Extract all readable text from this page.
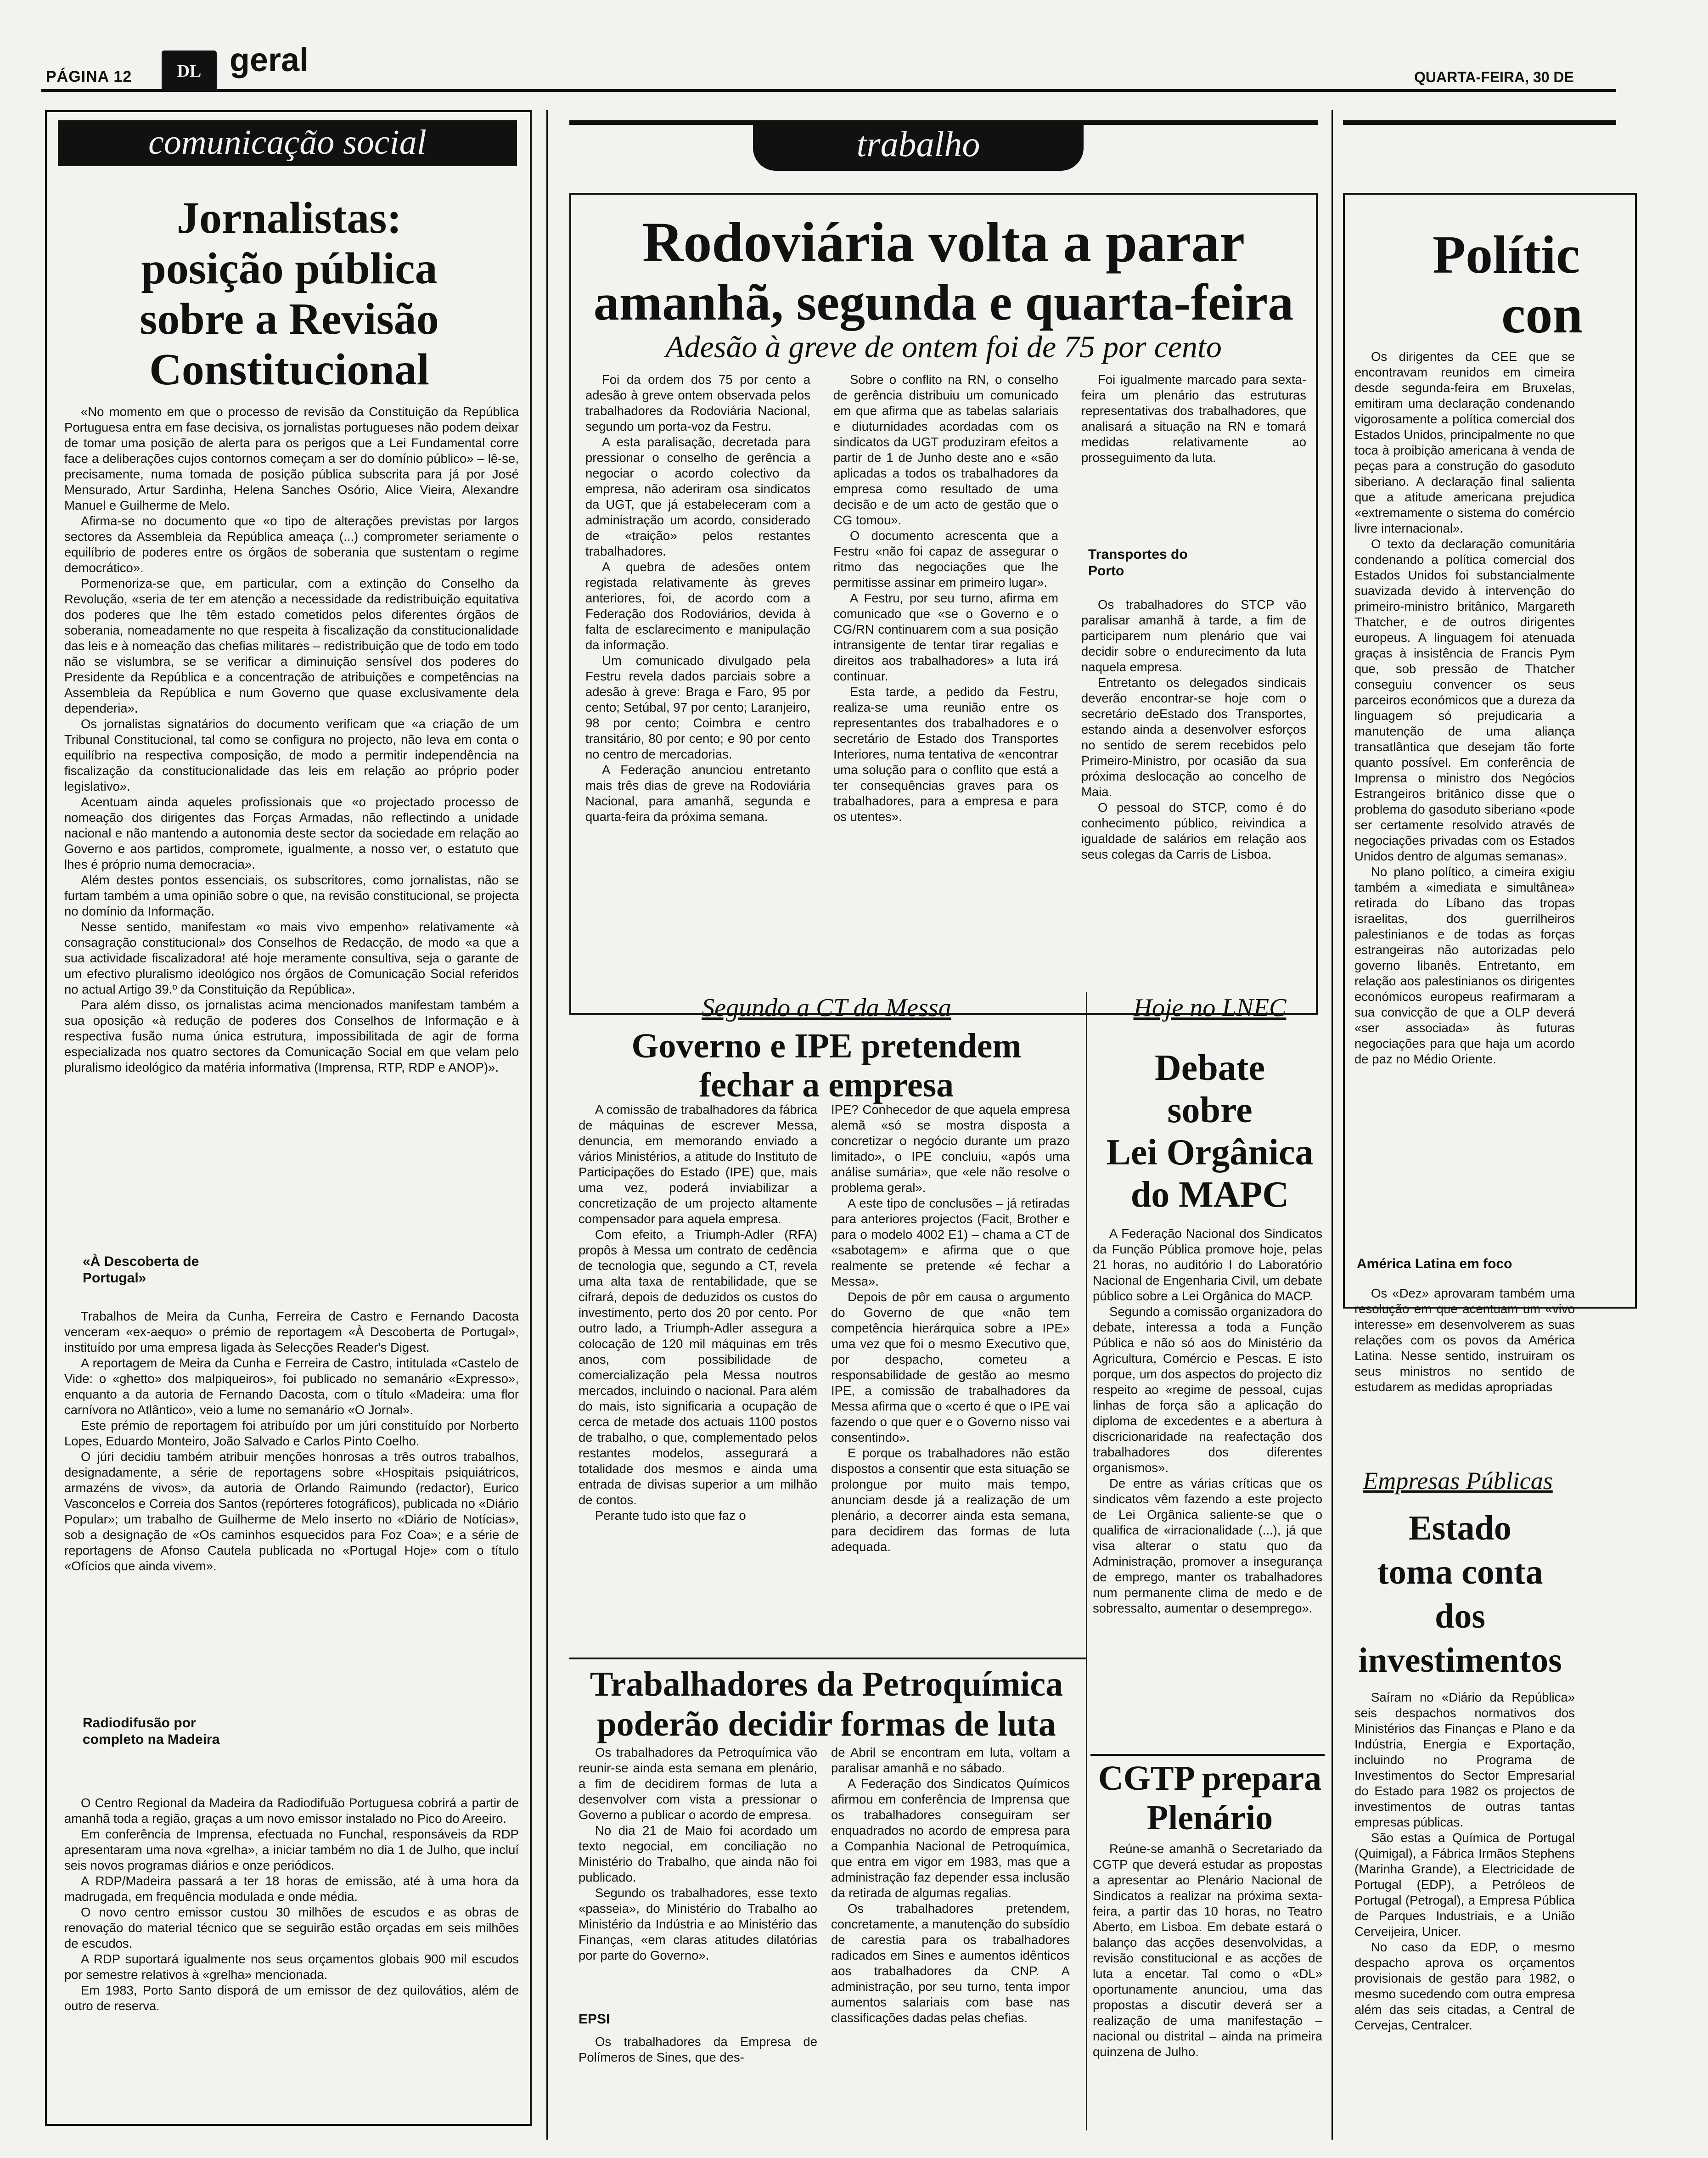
PÁGINA 12	DL geral	QUARTA-FEIRA, 30 DE
comunicação social
Jornalistas:
posição pública
sobre a Revisão
Constitucional

«No momento em que o processo de revisão da Constituição da República Portuguesa entra em fase decisiva, os jornalistas portugueses não podem deixar de tomar uma posição de alerta para os perigos que a Lei Fundamental corre face a deliberações cujos contornos começam a ser do domínio público» – lê-se, precisamente, numa tomada de posição pública subscrita para já por José Mensurado, Artur Sardinha, Helena Sanches Osório, Alice Vieira, Alexandre Manuel e Guilherme de Melo.

Afirma-se no documento que «o tipo de alterações previstas por largos sectores da Assembleia da República ameaça (...) comprometer seriamente o equilíbrio de poderes entre os órgãos de soberania que sustentam o regime democrático».

Pormenoriza-se que, em particular, com a extinção do Conselho da Revolução, «seria de ter em atenção a necessidade da redistribuição equitativa dos poderes que lhe têm estado cometidos pelos diferentes órgãos de soberania, nomeadamente no que respeita à fiscalização da constitucionalidade das leis e à nomeação das chefias militares – redistribuição que de todo em todo não se vislumbra, se se verificar a diminuição sensível dos poderes do Presidente da República e a concentração de atribuições e competências na Assembleia da República e num Governo que quase exclusivamente dela dependeria».

Os jornalistas signatários do documento verificam que «a criação de um Tribunal Constitucional, tal como se configura no projecto, não leva em conta o equilíbrio na respectiva composição, de modo a permitir independência na fiscalização da constitucionalidade das leis em relação ao próprio poder legislativo».

Acentuam ainda aqueles profissionais que «o projectado processo de nomeação dos dirigentes das Forças Armadas, não reflectindo a unidade nacional e não mantendo a autonomia deste sector da sociedade em relação ao Governo e aos partidos, compromete, igualmente, a nosso ver, o estatuto que lhes é próprio numa democracia».

Além destes pontos essenciais, os subscritores, como jornalistas, não se furtam também a uma opinião sobre o que, na revisão constitucional, se projecta no domínio da Informação.

Nesse sentido, manifestam «o mais vivo empenho» relativamente «à consagração constitucional» dos Conselhos de Redacção, de modo «a que a sua actividade fiscalizadora! até hoje meramente consultiva, seja o garante de um efectivo pluralismo ideológico nos órgãos de Comunicação Social referidos no actual Artigo 39.º da Constituição da República».

Para além disso, os jornalistas acima mencionados manifestam também a sua oposição «à redução de poderes dos Conselhos de Informação e à respectiva fusão numa única estrutura, impossibilitada de agir de forma especializada nos quatro sectores da Comunicação Social em que velam pelo pluralismo ideológico da matéria informativa (Imprensa, RTP, RDP e ANOP)».

«À Descoberta de Portugal»

Trabalhos de Meira da Cunha, Ferreira de Castro e Fernando Dacosta venceram «ex-aequo» o prémio de reportagem «À Descoberta de Portugal», instituído por uma empresa ligada às Selecções Reader's Digest.

A reportagem de Meira da Cunha e Ferreira de Castro, intitulada «Castelo de Vide: o «ghetto» dos malpiqueiros», foi publicado no semanário «Expresso», enquanto a da autoria de Fernando Dacosta, com o título «Madeira: uma flor carnívora no Atlântico», veio a lume no semanário «O Jornal».

Este prémio de reportagem foi atribuído por um júri constituído por Norberto Lopes, Eduardo Monteiro, João Salvado e Carlos Pinto Coelho.

O júri decidiu também atribuir menções honrosas a três outros trabalhos, designadamente, a série de reportagens sobre «Hospitais psiquiátricos, armazéns de vivos», da autoria de Orlando Raimundo (redactor), Eurico Vasconcelos e Correia dos Santos (repórteres fotográficos), publicada no «Diário Popular»; um trabalho de Guilherme de Melo inserto no «Diário de Notícias», sob a designação de «Os caminhos esquecidos para Foz Coa»; e a série de reportagens de Afonso Cautela publicada no «Portugal Hoje» com o título «Ofícios que ainda vivem».

Radiodifusão por completo na Madeira

O Centro Regional da Madeira da Radiodifuão Portuguesa cobrirá a partir de amanhã toda a região, graças a um novo emissor instalado no Pico do Areeiro.

Em conferência de Imprensa, efectuada no Funchal, responsáveis da RDP apresentaram uma nova «grelha», a iniciar também no dia 1 de Julho, que incluí seis novos programas diários e onze periódicos.

A RDP/Madeira passará a ter 18 horas de emissão, até à uma hora da madrugada, em frequência modulada e onde média.

O novo centro emissor custou 30 milhões de escudos e as obras de renovação do material técnico que se seguirão estão orçadas em seis milhões de escudos.

A RDP suportará igualmente nos seus orçamentos globais 900 mil escudos por semestre relativos à «grelha» mencionada.

Em 1983, Porto Santo disporá de um emissor de dez quilovátios, além de outro de reserva.

trabalho
Rodoviária volta a parar
amanhã, segunda e quarta-feira
Adesão à greve de ontem foi de 75 por cento

Foi da ordem dos 75 por cento a adesão à greve ontem observada pelos trabalhadores da Rodoviária Nacional, segundo um porta-voz da Festru.

A esta paralisação, decretada para pressionar o conselho de gerência a negociar o acordo colectivo da empresa, não aderiram osa sindicatos da UGT, que já estabeleceram com a administração um acordo, considerado de «traição» pelos restantes trabalhadores.

A quebra de adesões ontem registada relativamente às greves anteriores, foi, de acordo com a Federação dos Rodoviários, devida à falta de esclarecimento e manipulação da informação.

Um comunicado divulgado pela Festru revela dados parciais sobre a adesão à greve: Braga e Faro, 95 por cento; Setúbal, 97 por cento; Laranjeiro, 98 por cento; Coimbra e centro transitário, 80 por cento; e 90 por cento no centro de mercadorias.

A Federação anunciou entretanto mais três dias de greve na Rodoviária Nacional, para amanhã, segunda e quarta-feira da próxima semana.

Sobre o conflito na RN, o conselho de gerência distribuiu um comunicado em que afirma que as tabelas salariais e diuturnidades acordadas com os sindicatos da UGT produziram efeitos a partir de 1 de Junho deste ano e «são aplicadas a todos os trabalhadores da empresa como resultado de uma decisão e de um acto de gestão que o CG tomou».

O documento acrescenta que a Festru «não foi capaz de assegurar o ritmo das negociações que lhe permitisse assinar em primeiro lugar».

A Festru, por seu turno, afirma em comunicado que «se o Governo e o CG/RN continuarem com a sua posição intransigente de tentar tirar regalias e direitos aos trabalhadores» a luta irá continuar.

Esta tarde, a pedido da Festru, realiza-se uma reunião entre os representantes dos trabalhadores e o secretário de Estado dos Transportes Interiores, numa tentativa de «encontrar uma solução para o conflito que está a ter consequências graves para os trabalhadores, para a empresa e para os utentes».

Foi igualmente marcado para sexta-feira um plenário das estruturas representativas dos trabalhadores, que analisará a situação na RN e tomará medidas relativamente ao prosseguimento da luta.

Transportes do Porto

Os trabalhadores do STCP vão paralisar amanhã à tarde, a fim de participarem num plenário que vai decidir sobre o endurecimento da luta naquela empresa.

Entretanto os delegados sindicais deverão encontrar-se hoje com o secretário deEstado dos Transportes, estando ainda a desenvolver esforços no sentido de serem recebidos pelo Primeiro-Ministro, por ocasião da sua próxima deslocação ao concelho de Maia.

O pessoal do STCP, como é do conhecimento público, reivindica a igualdade de salários em relação aos seus colegas da Carris de Lisboa.

Segundo a CT da Messa
Governo e IPE pretendem
fechar a empresa

A comissão de trabalhadores da fábrica de máquinas de escrever Messa, denuncia, em memorando enviado a vários Ministérios, a atitude do Instituto de Participações do Estado (IPE) que, mais uma vez, poderá inviabilizar a concretização de um projecto altamente compensador para aquela empresa.

Com efeito, a Triumph-Adler (RFA) propôs à Messa um contrato de cedência de tecnologia que, segundo a CT, revela uma alta taxa de rentabilidade, que se cifrará, depois de deduzidos os custos do investimento, perto dos 20 por cento. Por outro lado, a Triumph-Adler assegura a colocação de 120 mil máquinas em três anos, com possibilidade de comercialização pela Messa noutros mercados, incluindo o nacional. Para além do mais, isto significaria a ocupação de cerca de metade dos actuais 1100 postos de trabalho, o que, complementado pelos restantes modelos, assegurará a totalidade dos mesmos e ainda uma entrada de divisas superior a um milhão de contos.

Perante tudo isto que faz o

IPE? Conhecedor de que aquela empresa alemã «só se mostra disposta a concretizar o negócio durante um prazo limitado», o IPE concluiu, «após uma análise sumária», que «ele não resolve o problema geral».

A este tipo de conclusões – já retiradas para anteriores projectos (Facit, Brother e para o modelo 4002 E1) – chama a CT de «sabotagem» e afirma que o que realmente se pretende «é fechar a Messa».

Depois de pôr em causa o argumento do Governo de que «não tem competência hierárquica sobre a IPE» uma vez que foi o mesmo Executivo que, por despacho, cometeu a responsabilidade de gestão ao mesmo IPE, a comissão de trabalhadores da Messa afirma que o «certo é que o IPE vai fazendo o que quer e o Governo nisso vai consentindo».

E porque os trabalhadores não estão dispostos a consentir que esta situação se prolongue por muito mais tempo, anunciam desde já a realização de um plenário, a decorrer ainda esta semana, para decidirem das formas de luta adequada.

Hoje no LNEC
Debate
sobre
Lei Orgânica
do MAPC

A Federação Nacional dos Sindicatos da Função Pública promove hoje, pelas 21 horas, no auditório I do Laboratório Nacional de Engenharia Civil, um debate público sobre a Lei Orgânica do MACP.

Segundo a comissão organizadora do debate, interessa a toda a Função Pública e não só aos do Ministério da Agricultura, Comércio e Pescas. E isto porque, um dos aspectos do projecto diz respeito ao «regime de pessoal, cujas linhas de força são a aplicação do diploma de excedentes e a abertura à discricionaridade na reafectação dos trabalhadores dos diferentes organismos».

De entre as várias críticas que os sindicatos vêm fazendo a este projecto de Lei Orgânica saliente-se que o qualifica de «irracionalidade (...), já que visa alterar o statu quo da Administração, promover a insegurança de emprego, manter os trabalhadores num permanente clima de medo e de sobressalto, aumentar o desemprego».

Trabalhadores da Petroquímica
poderão decidir formas de luta

Os trabalhadores da Petroquímica vão reunir-se ainda esta semana em plenário, a fim de decidirem formas de luta a desenvolver com vista a pressionar o Governo a publicar o acordo de empresa.

No dia 21 de Maio foi acordado um texto negocial, em conciliação no Ministério do Trabalho, que ainda não foi publicado.

Segundo os trabalhadores, esse texto «passeia», do Ministério do Trabalho ao Ministério da Indústria e ao Ministério das Finanças, «em claras atitudes dilatórias por parte do Governo».

EPSI

Os trabalhadores da Empresa de Polímeros de Sines, que des-

de Abril se encontram em luta, voltam a paralisar amanhã e no sábado.

A Federação dos Sindicatos Químicos afirmou em conferência de Imprensa que os trabalhadores conseguiram ser enquadrados no acordo de empresa para a Companhia Nacional de Petroquímica, que entra em vigor em 1983, mas que a administração faz depender essa inclusão da retirada de algumas regalias.

Os trabalhadores pretendem, concretamente, a manutenção do subsídio de carestia para os trabalhadores radicados em Sines e aumentos idênticos aos trabalhadores da CNP. A administração, por seu turno, tenta impor aumentos salariais com base nas classificações dadas pelas chefias.

CGTP prepara
Plenário

Reúne-se amanhã o Secretariado da CGTP que deverá estudar as propostas a apresentar ao Plenário Nacional de Sindicatos a realizar na próxima sexta-feira, a partir das 10 horas, no Teatro Aberto, em Lisboa. Em debate estará o balanço das acções desenvolvidas, a revisão constitucional e as acções de luta a encetar. Tal como o «DL» oportunamente anunciou, uma das propostas a discutir deverá ser a realização de uma manifestação – nacional ou distrital – ainda na primeira quinzena de Julho.

Polític
con

Os dirigentes da CEE que se encontravam reunidos em cimeira desde segunda-feira em Bruxelas, emitiram uma declaração condenando vigorosamente a política comercial dos Estados Unidos, principalmente no que toca à proibição americana à venda de peças para a construção do gasoduto siberiano. A declaração final salienta que a atitude americana prejudica «extremamente o sistema do comércio livre internacional».

O texto da declaração comunitária condenando a política comercial dos Estados Unidos foi substancialmente suavizada devido à intervenção do primeiro-ministro britânico, Margareth Thatcher, e de outros dirigentes europeus. A linguagem foi atenuada graças à insistência de Francis Pym que, sob pressão de Thatcher conseguiu convencer os seus parceiros económicos que a dureza da linguagem só prejudicaria a manutenção de uma aliança transatlântica que desejam tão forte quanto possível. Em conferência de Imprensa o ministro dos Negócios Estrangeiros britânico disse que o problema do gasoduto siberiano «pode ser certamente resolvido através de negociações privadas com os Estados Unidos dentro de algumas semanas».

No plano político, a cimeira exigiu também a «imediata e simultânea» retirada do Líbano das tropas israelitas, dos guerrilheiros palestinianos e de todas as forças estrangeiras não autorizadas pelo governo libanês. Entretanto, em relação aos palestinianos os dirigentes económicos europeus reafirmaram a sua convicção de que a OLP deverá «ser associada» às futuras negociações para que haja um acordo de paz no Médio Oriente.

América Latina em foco

Os «Dez» aprovaram também uma resolução em que acentuam um «vivo interesse» em desenvolverem as suas relações com os povos da América Latina. Nesse sentido, instruiram os seus ministros no sentido de estudarem as medidas apropriadas

Empresas Públicas
Estado
toma conta
dos
investimentos

Saíram no «Diário da República» seis despachos normativos dos Ministérios das Finanças e Plano e da Indústria, Energia e Exportação, incluindo no Programa de Investimentos do Sector Empresarial do Estado para 1982 os projectos de investimentos de outras tantas empresas públicas.

São estas a Química de Portugal (Quimigal), a Fábrica Irmãos Stephens (Marinha Grande), a Electricidade de Portugal (EDP), a Petróleos de Portugal (Petrogal), a Empresa Pública de Parques Industriais, e a União Cerveijeira, Unicer.

No caso da EDP, o mesmo despacho aprova os orçamentos provisionais de gestão para 1982, o mesmo sucedendo com outra empresa além das seis citadas, a Central de Cervejas, Centralcer.
